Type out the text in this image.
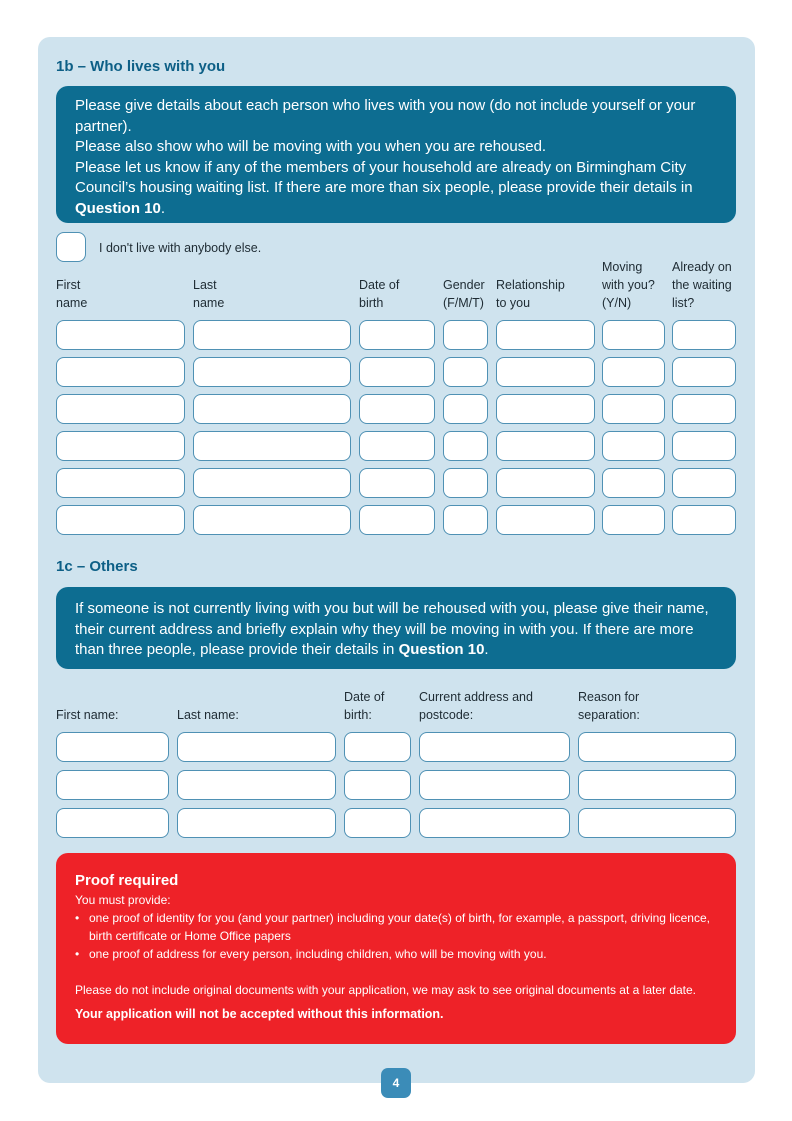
1b – Who lives with you

Please give details about each person who lives with you now (do not include yourself or your partner).

Please also show who will be moving with you when you are rehoused.

Please let us know if any of the members of your household are already on Birmingham City Council’s housing waiting list. If there are more than six people, please provide their details in Question 10.

I don't live with anybody else.
First
name
Last
name
Date of
birth
Gender
(F/M/T)
Relationship
to you
Moving
with you?
(Y/N)
Already on
the waiting
list?
1c – Others

If someone is not currently living with you but will be rehoused with you, please give their name, their current address and briefly explain why they will be moving in with you. If there are more than three people, please provide their details in Question 10.

First name:	Last name:
Date of
birth:
Current address and
postcode:
Reason for
separation:

Proof required

You must provide:

• one proof of identity for you (and your partner) including your date(s) of birth, for example, a passport, driving licence, birth certificate or Home Office papers
• one proof of address for every person, including children, who will be moving with you.

Please do not include original documents with your application, we may ask to see original documents at a later date.

Your application will not be accepted without this information.

4
